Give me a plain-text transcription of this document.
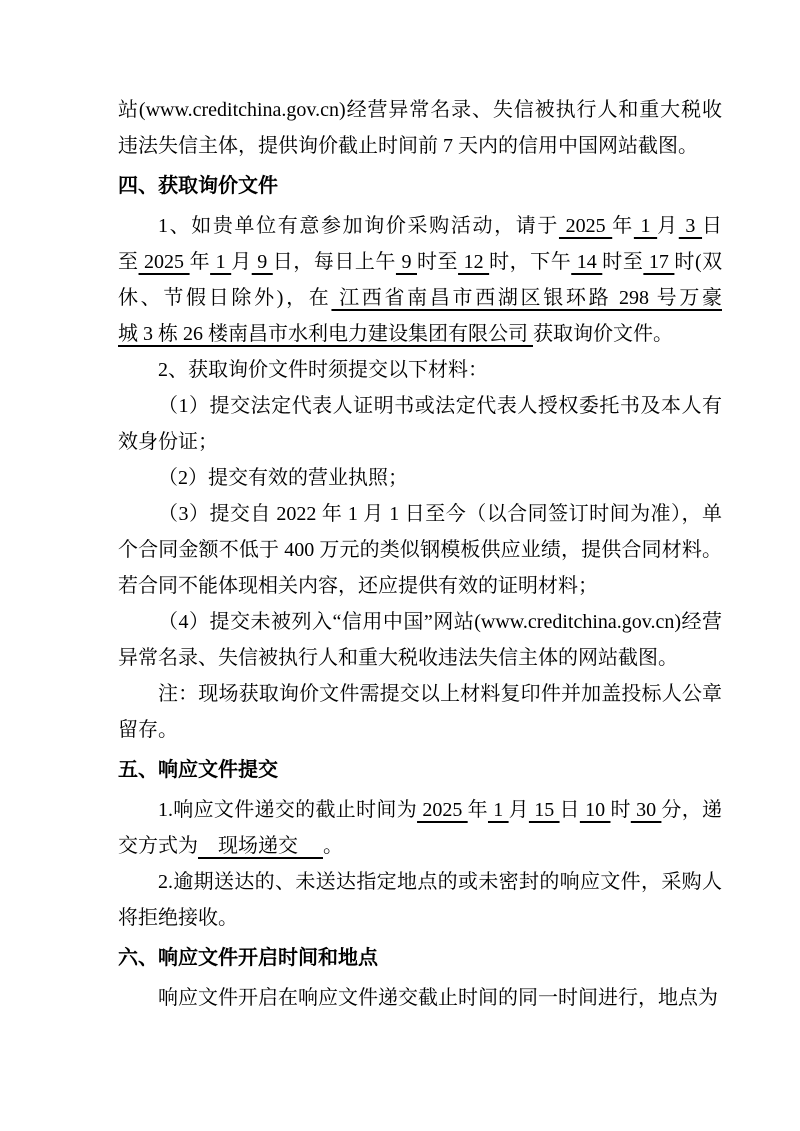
站(www.creditchina.gov.cn)经营异常名录、失信被执行人和重大税收违法失信主体，提供询价截止时间前 7 天内的信用中国网站截图。

四、获取询价文件

1、如贵单位有意参加询价采购活动，请于 2025 年 1 月 3 日至 2025 年 1 月 9 日，每日上午 9 时至 12 时，下午 14 时至 17 时(双休、节假日除外)，在 江西省南昌市西湖区银环路 298 号万豪城 3 栋 26 楼南昌市水利电力建设集团有限公司 获取询价文件。

2、获取询价文件时须提交以下材料：

（1）提交法定代表人证明书或法定代表人授权委托书及本人有效身份证；

（2）提交有效的营业执照；

（3）提交自 2022 年 1 月 1 日至今（以合同签订时间为准），单个合同金额不低于 400 万元的类似钢模板供应业绩，提供合同材料。若合同不能体现相关内容，还应提供有效的证明材料；

（4）提交未被列入“信用中国”网站(www.creditchina.gov.cn)经营异常名录、失信被执行人和重大税收违法失信主体的网站截图。

注：现场获取询价文件需提交以上材料复印件并加盖投标人公章留存。

五、响应文件提交

1.响应文件递交的截止时间为 2025 年 1 月 15 日 10 时 30 分，递交方式为    现场递交     。

2.逾期送达的、未送达指定地点的或未密封的响应文件，采购人将拒绝接收。

六、响应文件开启时间和地点

响应文件开启在响应文件递交截止时间的同一时间进行，地点为
